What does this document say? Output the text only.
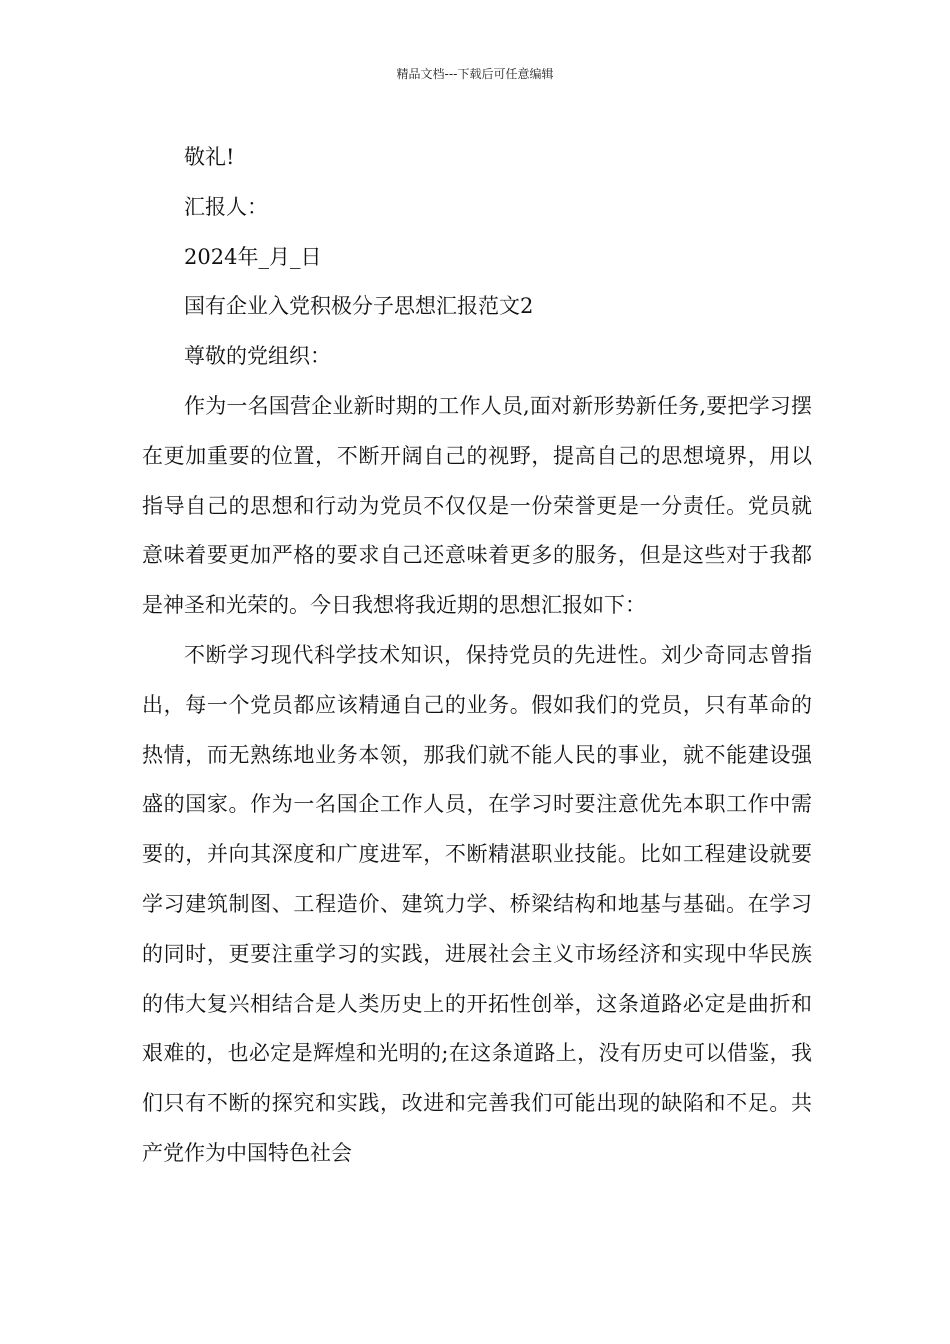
精品文档---下载后可任意编辑
敬礼!
汇报人：
2024年_月_日
国有企业入党积极分子思想汇报范文2
尊敬的党组织：
作为一名国营企业新时期的工作人员,面对新形势新任务,要把学习摆在更加重要的位置，不断开阔自己的视野，提高自己的思想境界，用以指导自己的思想和行动为党员不仅仅是一份荣誉更是一分责任。党员就意味着要更加严格的要求自己还意味着更多的服务，但是这些对于我都是神圣和光荣的。今日我想将我近期的思想汇报如下：
不断学习现代科学技术知识，保持党员的先进性。刘少奇同志曾指出，每一个党员都应该精通自己的业务。假如我们的党员，只有革命的热情，而无熟练地业务本领，那我们就不能人民的事业，就不能建设强盛的国家。作为一名国企工作人员，在学习时要注意优先本职工作中需要的，并向其深度和广度进军，不断精湛职业技能。比如工程建设就要学习建筑制图、工程造价、建筑力学、桥梁结构和地基与基础。在学习的同时，更要注重学习的实践，进展社会主义市场经济和实现中华民族的伟大复兴相结合是人类历史上的开拓性创举，这条道路必定是曲折和艰难的，也必定是辉煌和光明的;在这条道路上，没有历史可以借鉴，我们只有不断的探究和实践，改进和完善我们可能出现的缺陷和不足。共产党作为中国特色社会
